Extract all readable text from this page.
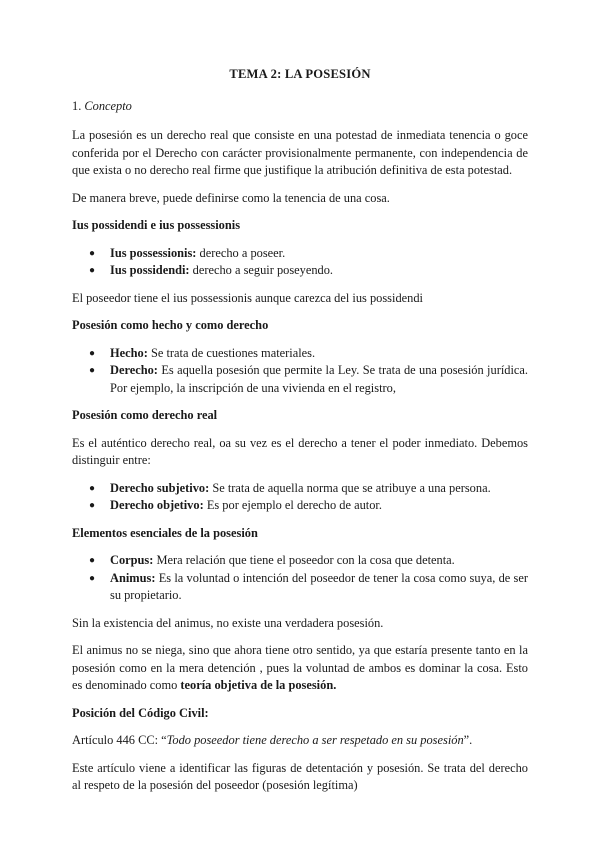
TEMA 2: LA POSESIÓN

1. Concepto

La posesión es un derecho real que consiste en una potestad de inmediata tenencia o goce conferida por el Derecho con carácter provisionalmente permanente, con independencia de que exista o no derecho real firme que justifique la atribución definitiva de esta potestad.

De manera breve, puede definirse como la tenencia de una cosa.

Ius possidendi e ius possessionis
● Ius possessionis: derecho a poseer.
● Ius possidendi: derecho a seguir poseyendo.

El poseedor tiene el ius possessionis aunque carezca del ius possidendi

Posesión como hecho y como derecho
● Hecho: Se trata de cuestiones materiales.
● Derecho: Es aquella posesión que permite la Ley. Se trata de una posesión jurídica. Por ejemplo, la inscripción de una vivienda en el registro,
Posesión como derecho real

Es el auténtico derecho real, oa su vez es el derecho a tener el poder inmediato. Debemos distinguir entre:

● Derecho subjetivo: Se trata de aquella norma que se atribuye a una persona.
● Derecho objetivo: Es por ejemplo el derecho de autor.
Elementos esenciales de la posesión
● Corpus: Mera relación que tiene el poseedor con la cosa que detenta.
● Animus: Es la voluntad o intención del poseedor de tener la cosa como suya, de ser su propietario.

Sin la existencia del animus, no existe una verdadera posesión.

El animus no se niega, sino que ahora tiene otro sentido, ya que estaría presente tanto en la posesión como en la mera detención , pues la voluntad de ambos es dominar la cosa. Esto es denominado como teoría objetiva de la posesión.

Posición del Código Civil:

Artículo 446 CC: “Todo poseedor tiene derecho a ser respetado en su posesión”.

Este artículo viene a identificar las figuras de detentación y posesión. Se trata del derecho al respeto de la posesión del poseedor (posesión legítima)
